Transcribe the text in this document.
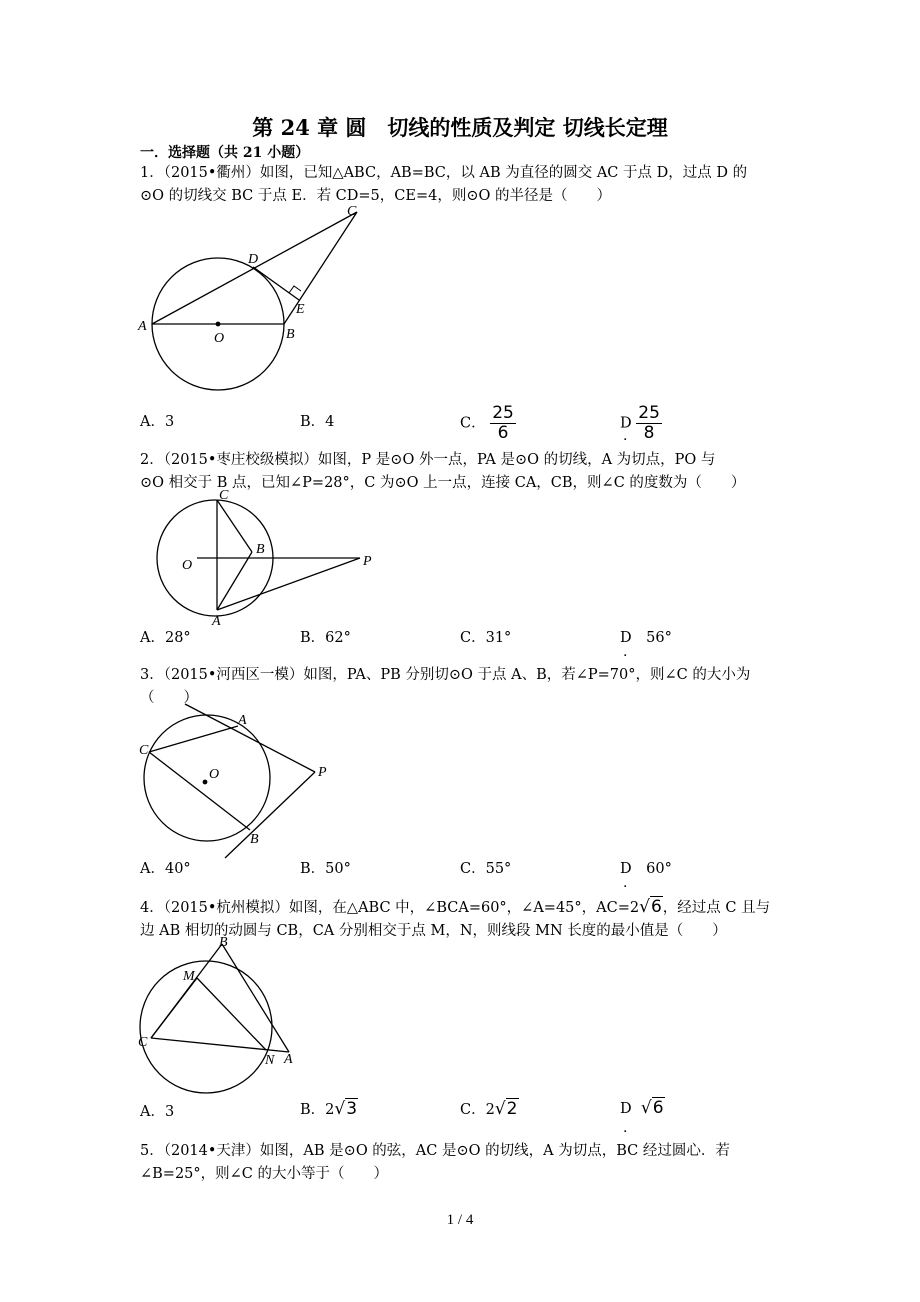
第 24 章 圆　切线的性质及判定 切线长定理
一．选择题（共 21 小题）
1．（2015•衢州）如图，已知△ABC，AB=BC，以 AB 为直径的圆交 AC 于点 D，过点 D 的
⊙O 的切线交 BC 于点 E．若 CD=5，CE=4，则⊙O 的半径是（　　）
A
B
C
D
E
O
A．3	B．4	C． $\frac{25}{6}$	D $\frac{25}{8}$
.
2．（2015•枣庄校级模拟）如图，P 是⊙O 外一点，PA 是⊙O 的切线，A 为切点，PO 与
⊙O 相交于 B 点，已知∠P=28°，C 为⊙O 上一点，连接 CA，CB，则∠C 的度数为（　　）
O
C
B
A
P
A．28°	B．62°	C．31°	D　56°
.
3．（2015•河西区一模）如图，PA、PB 分别切⊙O 于点 A、B，若∠P=70°，则∠C 的大小为
（　　）
C
A
O	P
B
A．40°	B．50°	C．55°	D　60°
.
4．（2015•杭州模拟）如图，在△ABC 中，∠BCA=60°，∠A=45°，AC=2√6，经过点 C 且与
边 AB 相切的动圆与 CB，CA 分别相交于点 M，N，则线段 MN 长度的最小值是（　　）
B
M
C
N A
A．3	B．2√3	C．2√2	D √6
.
5．（2014•天津）如图，AB 是⊙O 的弦，AC 是⊙O 的切线，A 为切点，BC 经过圆心．若
∠B=25°，则∠C 的大小等于（　　）
1 / 4
